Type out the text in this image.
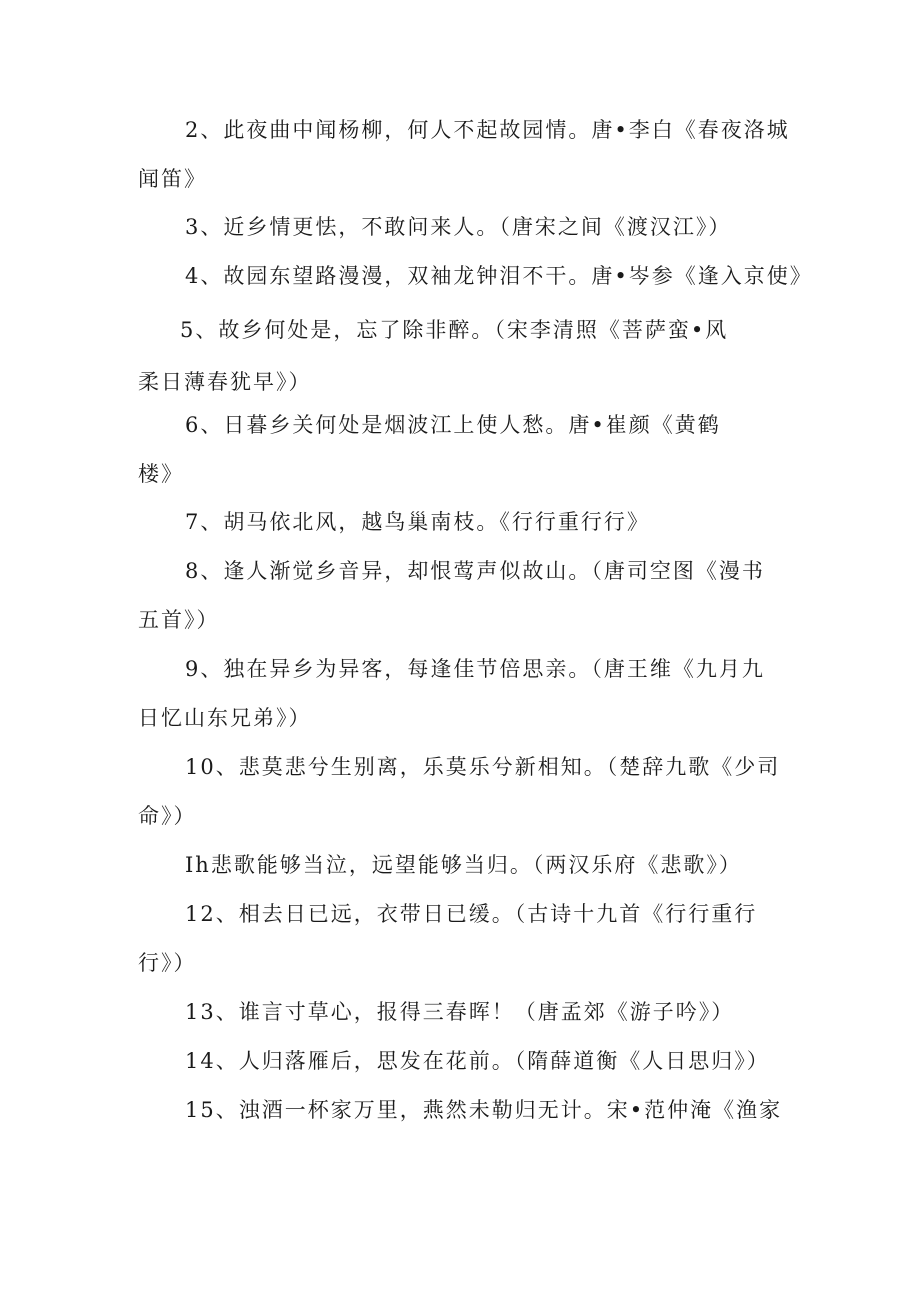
2、此夜曲中闻杨柳，何人不起故园情。唐•李白《春夜洛城
闻笛》
3、近乡情更怯，不敢问来人。（唐宋之间《渡汉江》）
4、故园东望路漫漫，双袖龙钟泪不干。唐•岑参《逢入京使》
5、故乡何处是，忘了除非醉。（宋李清照《菩萨蛮•风
柔日薄春犹早》）
6、日暮乡关何处是烟波江上使人愁。唐•崔颜《黄鹤
楼》
7、胡马依北风，越鸟巢南枝。《行行重行行》
8、逢人渐觉乡音异，却恨莺声似故山。（唐司空图《漫书
五首》）
9、独在异乡为异客，每逢佳节倍思亲。（唐王维《九月九
日忆山东兄弟》）
10、悲莫悲兮生别离，乐莫乐兮新相知。（楚辞九歌《少司
命》）
Ih悲歌能够当泣，远望能够当归。（两汉乐府《悲歌》）
12、相去日已远，衣带日已缓。（古诗十九首《行行重行
行》）
13、谁言寸草心，报得三春晖！（唐孟郊《游子吟》）
14、人归落雁后，思发在花前。（隋薛道衡《人日思归》）
15、浊酒一杯家万里，燕然未勒归无计。宋•范仲淹《渔家
